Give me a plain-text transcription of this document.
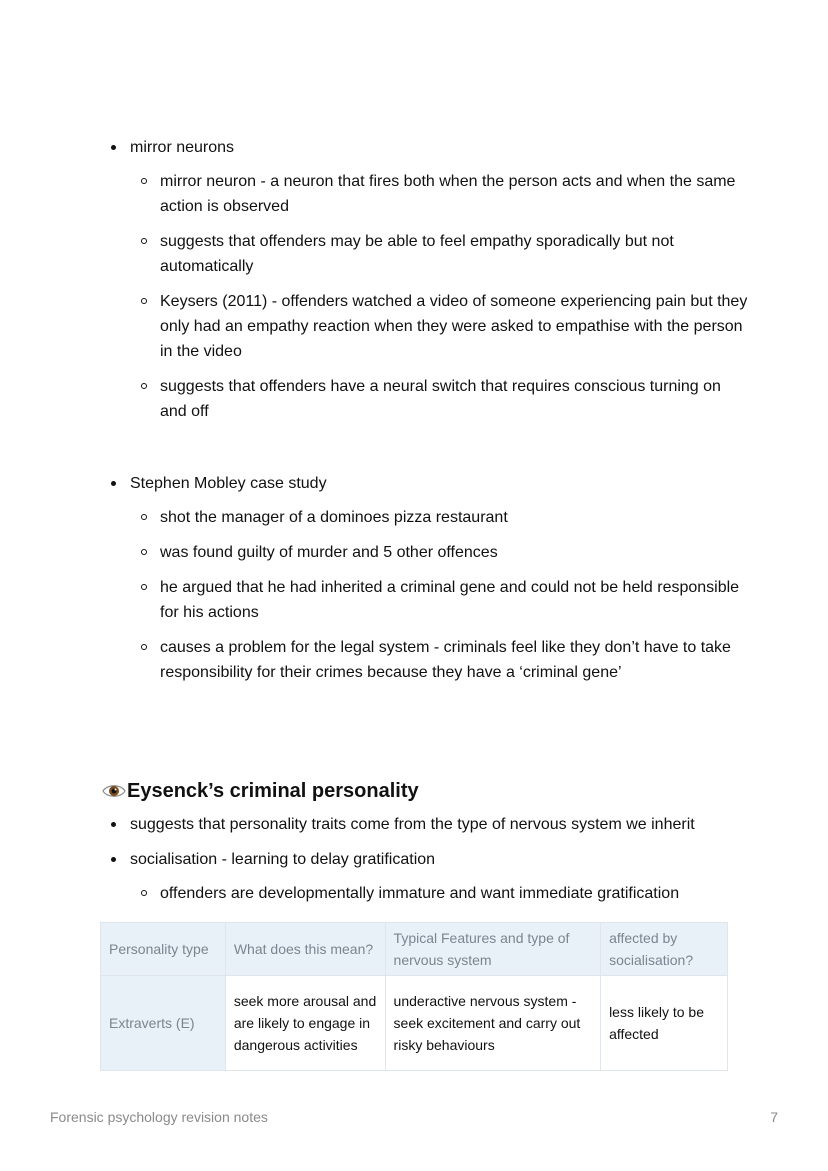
mirror neurons
mirror neuron - a neuron that fires both when the person acts and when the same action is observed
suggests that offenders may be able to feel empathy sporadically but not automatically
Keysers (2011) - offenders watched a video of someone experiencing pain but they only had an empathy reaction when they were asked to empathise with the person in the video
suggests that offenders have a neural switch that requires conscious turning on and off
Stephen Mobley case study
shot the manager of a dominoes pizza restaurant
was found guilty of murder and 5 other offences
he argued that he had inherited a criminal gene and could not be held responsible for his actions
causes a problem for the legal system - criminals feel like they don’t have to take responsibility for their crimes because they have a ‘criminal gene’
Eysenck’s criminal personality
suggests that personality traits come from the type of nervous system we inherit
socialisation - learning to delay gratification
offenders are developmentally immature and want immediate gratification
Personality type	What does this mean?	Typical Features and type of nervous system	affected by socialisation?
Extraverts (E)	seek more arousal and are likely to engage in dangerous activities	underactive nervous system - seek excitement and carry out risky behaviours	less likely to be affected
Forensic psychology revision notes	7
